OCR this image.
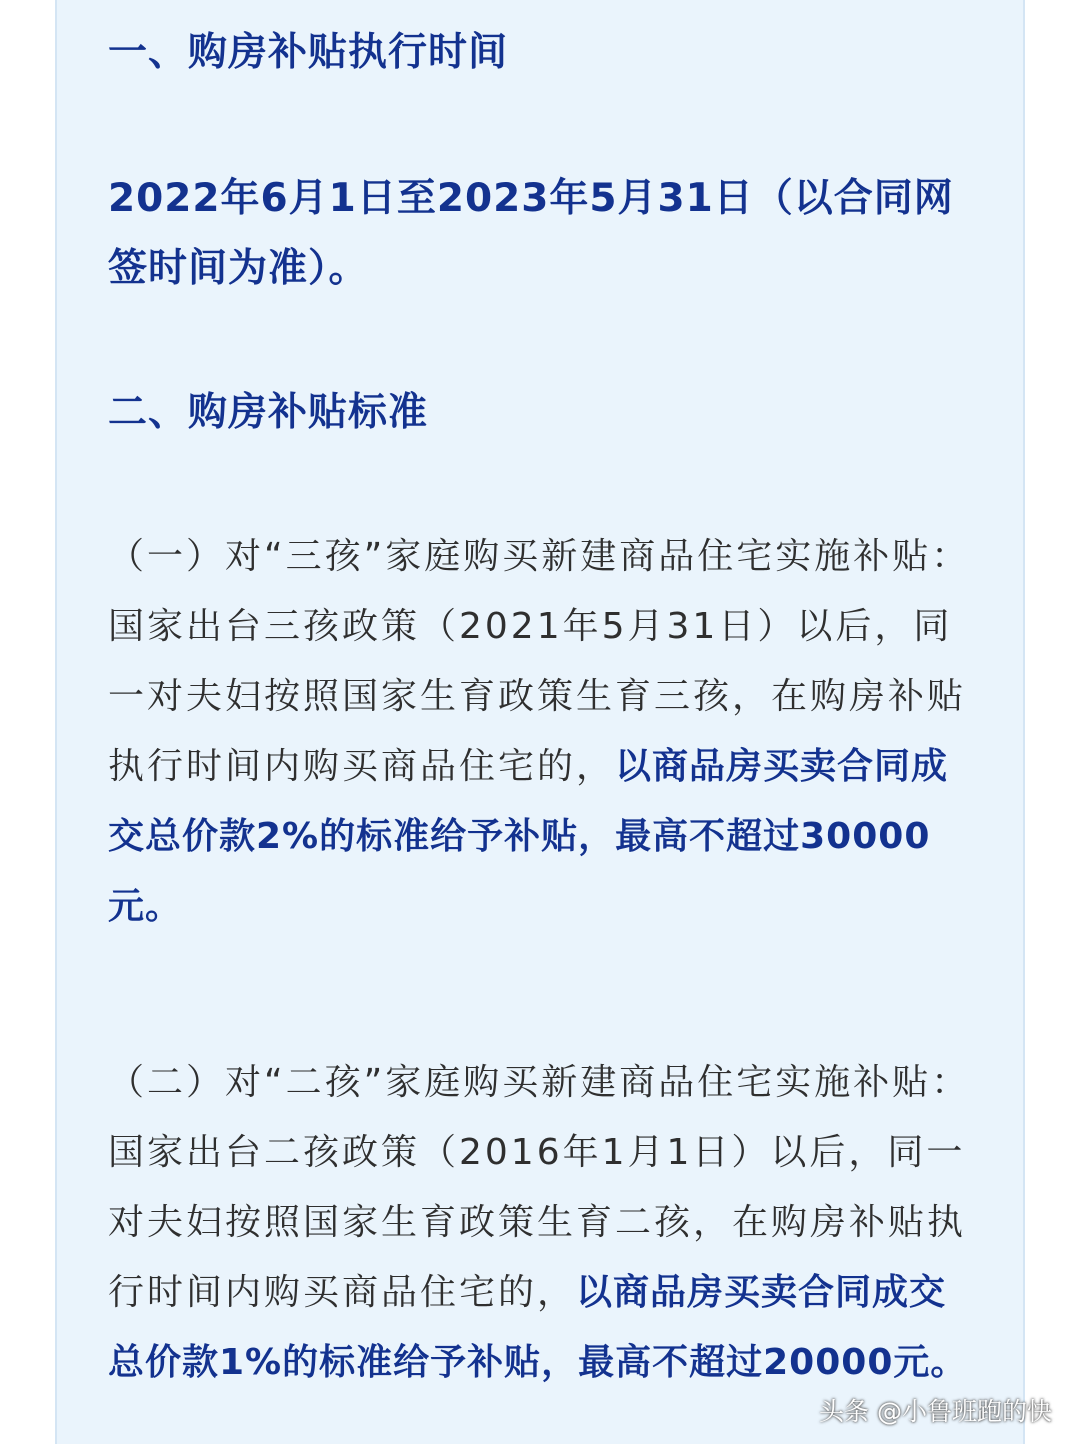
一、购房补贴执行时间

2022年6月1日至2023年5月31日（以合同网签时间为准）。

二、购房补贴标准

（一）对“三孩”家庭购买新建商品住宅实施补贴：国家出台三孩政策（2021年5月31日）以后，同一对夫妇按照国家生育政策生育三孩，在购房补贴执行时间内购买商品住宅的，以商品房买卖合同成交总价款2%的标准给予补贴，最高不超过30000元。

（二）对“二孩”家庭购买新建商品住宅实施补贴：国家出台二孩政策（2016年1月1日）以后，同一对夫妇按照国家生育政策生育二孩，在购房补贴执行时间内购买商品住宅的，以商品房买卖合同成交总价款1%的标准给予补贴，最高不超过20000元。

头条 @小鲁班跑的快
